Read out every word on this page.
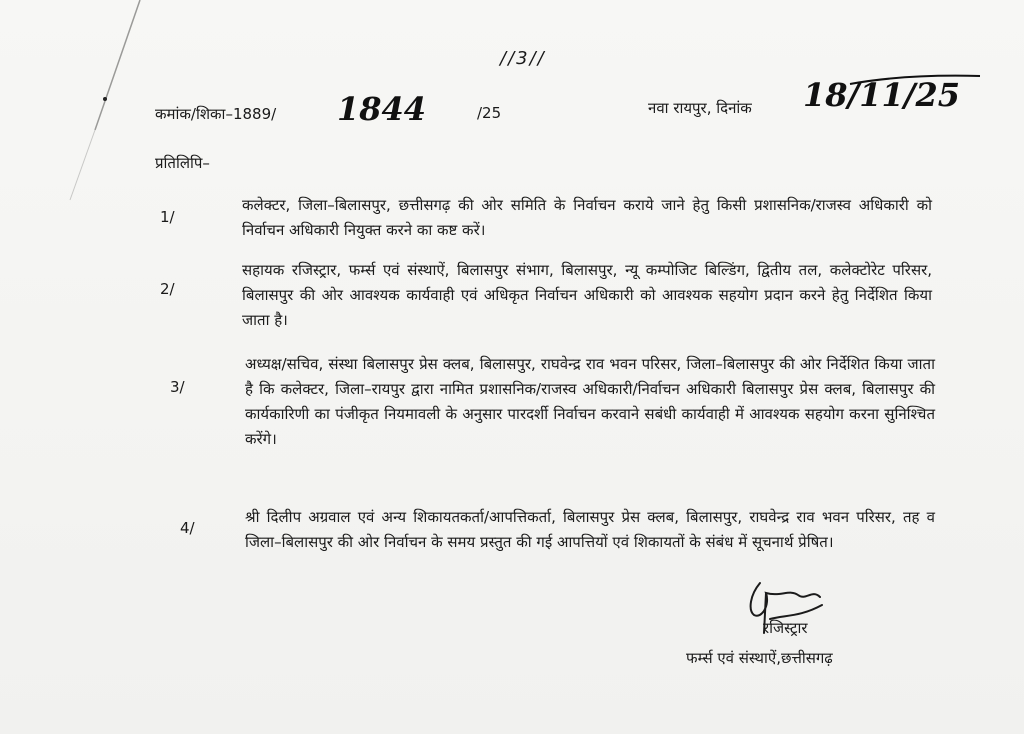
//3//
कमांक/शिका–1889/ 1844	/25	नवा रायपुर, दिनांक 18/11/25
प्रतिलिपि–
1/
कलेक्टर, जिला–बिलासपुर, छत्तीसगढ़ की ओर समिति के निर्वाचन कराये जाने हेतु किसी प्रशासनिक/राजस्व अधिकारी को निर्वाचन अधिकारी नियुक्त करने का कष्ट करें।
2/
सहायक रजिस्ट्रार, फर्म्स एवं संस्थाऐं, बिलासपुर संभाग, बिलासपुर, न्यू कम्पोजिट बिल्डिंग, द्वितीय तल, कलेक्टोरेट परिसर, बिलासपुर की ओर आवश्यक कार्यवाही एवं अधिकृत निर्वाचन अधिकारी को आवश्यक सहयोग प्रदान करने हेतु निर्देशित किया जाता है।
3/
अध्यक्ष/सचिव, संस्था बिलासपुर प्रेस क्लब, बिलासपुर, राघवेन्द्र राव भवन परिसर, जिला–बिलासपुर की ओर निर्देशित किया जाता है कि कलेक्टर, जिला–रायपुर द्वारा नामित प्रशासनिक/राजस्व अधिकारी/निर्वाचन अधिकारी बिलासपुर प्रेस क्लब, बिलासपुर की कार्यकारिणी का पंजीकृत नियमावली के अनुसार पारदर्शी निर्वाचन करवाने सबंधी कार्यवाही में आवश्यक सहयोग करना सुनिश्चित करेंगे।
4/
श्री दिलीप अग्रवाल एवं अन्य शिकायतकर्ता/आपत्तिकर्ता, बिलासपुर प्रेस क्लब, बिलासपुर, राघवेन्द्र राव भवन परिसर, तह व जिला–बिलासपुर की ओर निर्वाचन के समय प्रस्तुत की गई आपत्तियों एवं शिकायतों के संबंध में सूचनार्थ प्रेषित।
रजिस्ट्रार
फर्म्स एवं संस्थाऐं,छत्तीसगढ़
